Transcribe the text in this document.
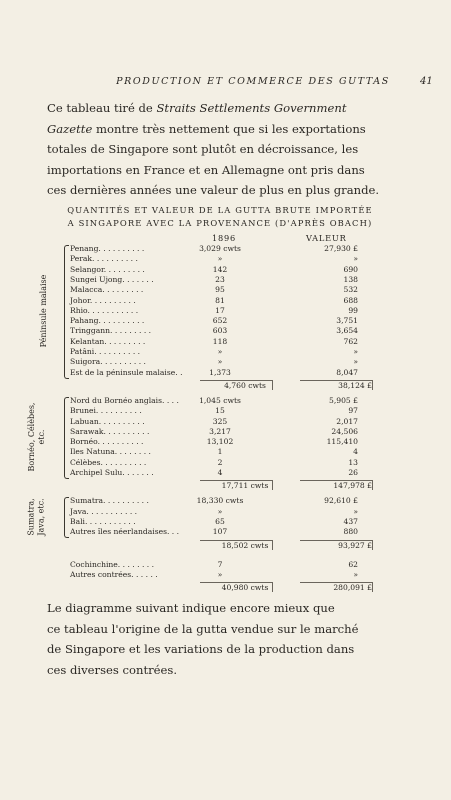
PRODUCTION ET COMMERCE DES GUTTAS	41
Ce tableau tiré de Straits Settlements Government
Gazette montre très nettement que si les exportations
totales de Singapore sont plutôt en décroissance, les
importations en France et en Allemagne ont pris dans
ces dernières années une valeur de plus en plus grande.
QUANTITÉS ET VALEUR DE LA GUTTA BRUTE IMPORTÉE
A SINGAPORE AVEC LA PROVENANCE (D'APRÈS OBACH)
1896	VALEUR
Penang. . . . . . . . . .	3,029 cwts	27,930 £
Perak. . . . . . . . . .	»	»
Selangor. . . . . . . . .	142	690
Sungei Ujong. . . . . . .	23	138
Malacca. . . . . . . . .	95	532
Johor. . . . . . . . . .	81	688
Rhio. . . . . . . . . . .	17	99
Pahang. . . . . . . . . .	652	3,751
Tringgann. . . . . . . . .	603	3,654
Kelantan. . . . . . . . .	118	762
Patâni. . . . . . . . . .	»	»
Suigora. . . . . . . . . .	»	»
Est de la péninsule malaise. .	1,373	8,047
Péninsule malaise
4,760 cwts	38,124 £
Nord du Bornéo anglais. . . .	1,045 cwts	5,905 £
Brunei. . . . . . . . . .	15	97
Labuan. . . . . . . . . .	325	2,017
Sarawak. . . . . . . . . .	3,217	24,506
Bornéo. . . . . . . . . .	13,102	115,410
Iles Natuna. . . . . . . .	1	4
Célèbes. . . . . . . . . .	2	13
Archipel Sulu. . . . . . .	4	26
Bornéo, Célèbes, etc.
17,711 cwts	147,978 £
Sumatra. . . . . . . . . .	18,330 cwts	92,610 £
Java. . . . . . . . . . .	»	»
Bali. . . . . . . . . . .	65	437
Autres îles néerlandaises. . .	107	880
Sumatra, Java, etc.
18,502 cwts	93,927 £
Cochinchine. . . . . . . .	7	62
Autres contrées. . . . . .	»	»
40,980 cwts	280,091 £
Le diagramme suivant indique encore mieux que
ce tableau l'origine de la gutta vendue sur le marché
de Singapore et les variations de la production dans
ces diverses contrées.
